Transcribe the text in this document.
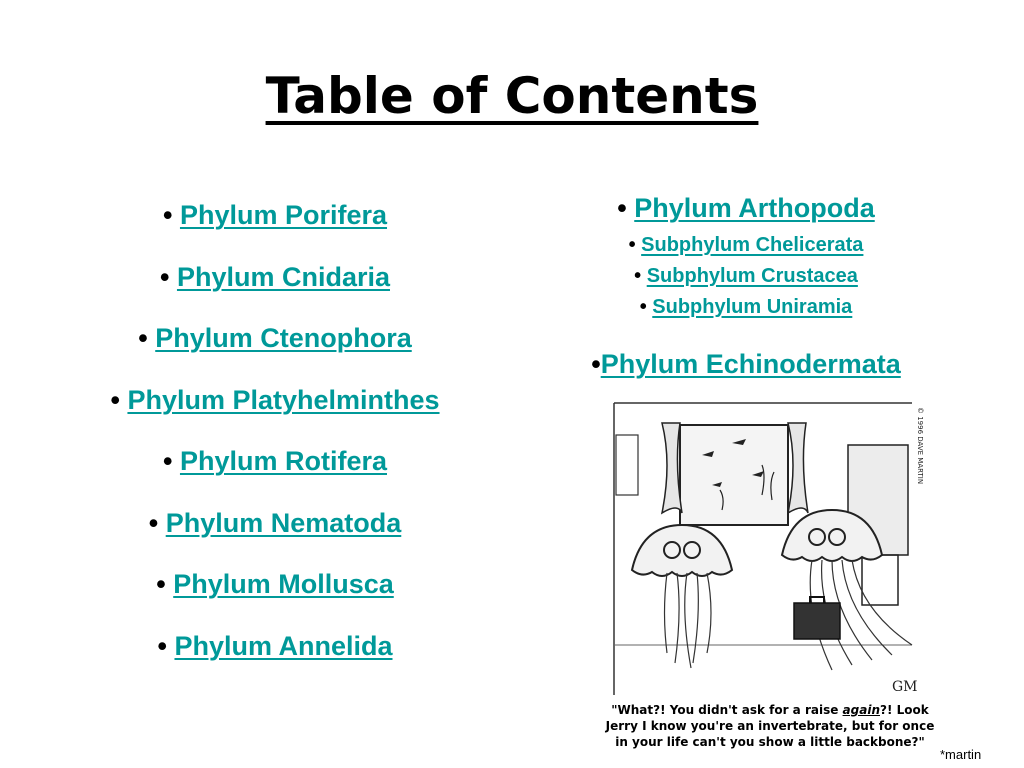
Table of Contents
• Phylum Porifera
• Phylum Cnidaria
• Phylum Ctenophora
• Phylum Platyhelminthes
• Phylum Rotifera
• Phylum Nematoda
• Phylum Mollusca
• Phylum Annelida
• Phylum Arthopoda
• Subphylum Chelicerata
• Subphylum Crustacea
• Subphylum Uniramia
•Phylum Echinodermata
© 1996 DAVE MARTIN
GM
"What?! You didn't ask for a raise again?! Look Jerry I know you're an invertebrate, but for once in your life can't you show a little backbone?"
*martin
